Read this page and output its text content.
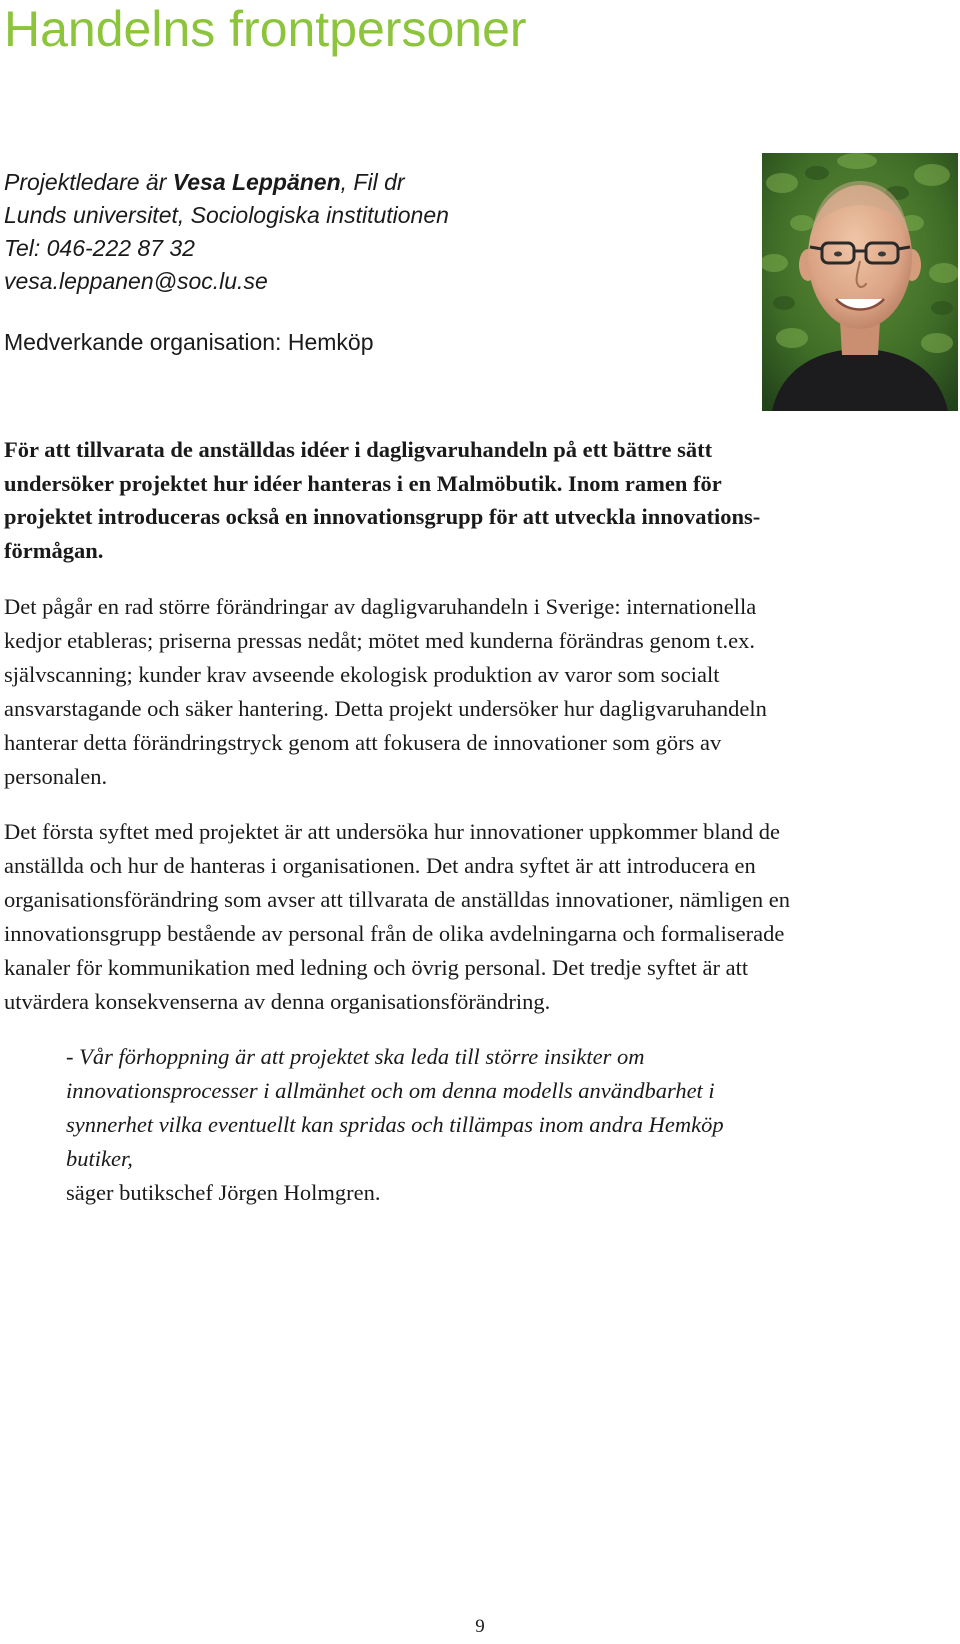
Handelns frontpersoner
Projektledare är Vesa Leppänen, Fil dr
Lunds universitet, Sociologiska institutionen
Tel: 046-222 87 32
vesa.leppanen@soc.lu.se
Medverkande organisation: Hemköp
För att tillvarata de anställdas idéer i dagligvaruhandeln på ett bättre sätt
undersöker projektet hur idéer hanteras i en Malmöbutik. Inom ramen för
projektet introduceras också en innovationsgrupp för att utveckla innovations-
förmågan.
Det pågår en rad större förändringar av dagligvaruhandeln i Sverige: internationella
kedjor etableras; priserna pressas nedåt; mötet med kunderna förändras genom t.ex.
självscanning; kunder krav avseende ekologisk produktion av varor som socialt
ansvarstagande och säker hantering. Detta projekt undersöker hur dagligvaruhandeln
hanterar detta förändringstryck genom att fokusera de innovationer som görs av
personalen.
Det första syftet med projektet är att undersöka hur innovationer uppkommer bland de
anställda och hur de hanteras i organisationen. Det andra syftet är att introducera en
organisationsförändring som avser att tillvarata de anställdas innovationer, nämligen en
innovationsgrupp bestående av personal från de olika avdelningarna och formaliserade
kanaler för kommunikation med ledning och övrig personal. Det tredje syftet är att
utvärdera konsekvenserna av denna organisationsförändring.
- Vår förhoppning är att projektet ska leda till större insikter om
innovationsprocesser i allmänhet och om denna modells användbarhet i
synnerhet vilka eventuellt kan spridas och tillämpas inom andra Hemköp
butiker,
säger butikschef Jörgen Holmgren.
9
